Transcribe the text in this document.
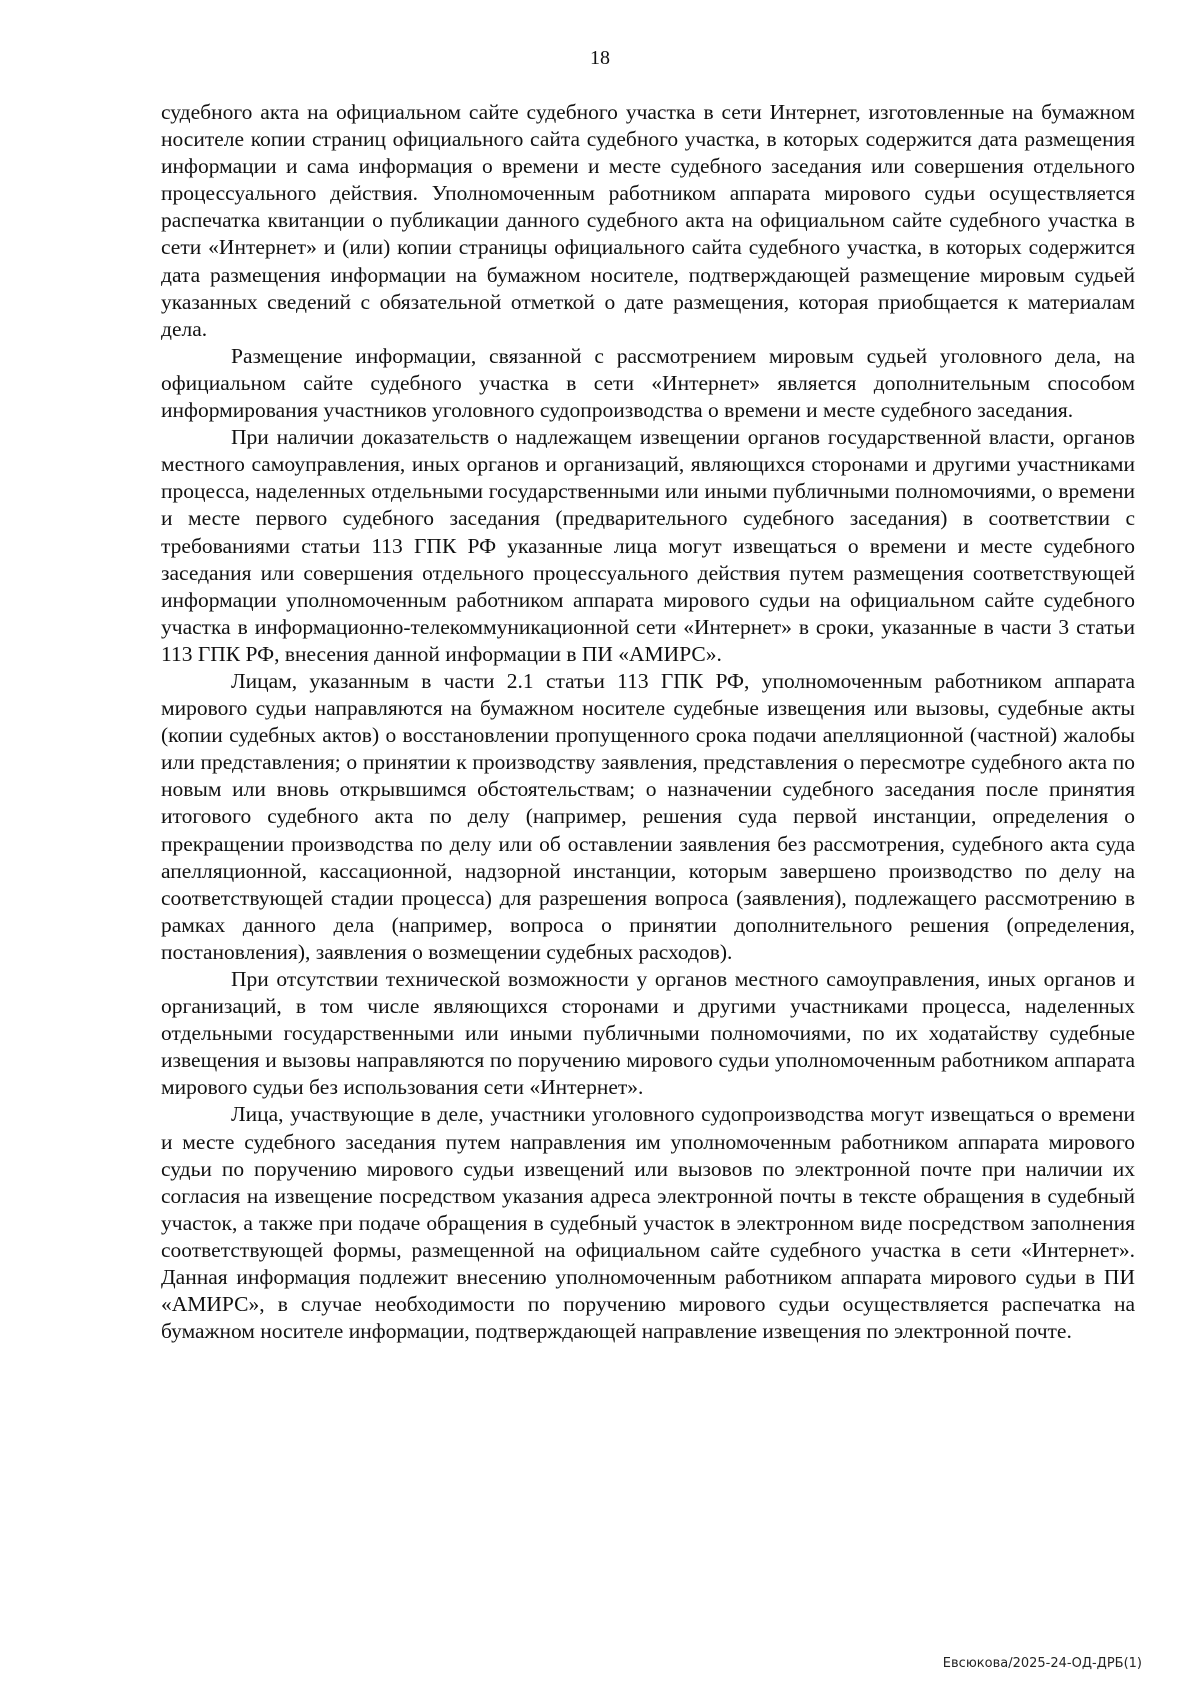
18

судебного акта на официальном сайте судебного участка в сети Интернет, изготовленные на бумажном носителе копии страниц официального сайта судебного участка, в которых содержится дата размещения информации и сама информация о времени и месте судебного заседания или совершения отдельного процессуального действия. Уполномоченным работником аппарата мирового судьи осуществляется распечатка квитанции о публикации данного судебного акта на официальном сайте судебного участка в сети «Интернет» и (или) копии страницы официального сайта судебного участка, в которых содержится дата размещения информации на бумажном носителе, подтверждающей размещение мировым судьей указанных сведений с обязательной отметкой о дате размещения, которая приобщается к материалам дела.

Размещение информации, связанной с рассмотрением мировым судьей уголовного дела, на официальном сайте судебного участка в сети «Интернет» является дополнительным способом информирования участников уголовного судопроизводства о времени и месте судебного заседания.

При наличии доказательств о надлежащем извещении органов государственной власти, органов местного самоуправления, иных органов и организаций, являющихся сторонами и другими участниками процесса, наделенных отдельными государственными или иными публичными полномочиями, о времени и месте первого судебного заседания (предварительного судебного заседания) в соответствии с требованиями статьи 113 ГПК РФ указанные лица могут извещаться о времени и месте судебного заседания или совершения отдельного процессуального действия путем размещения соответствующей информации уполномоченным работником аппарата мирового судьи на официальном сайте судебного участка в информационно-телекоммуникационной сети «Интернет» в сроки, указанные в части 3 статьи 113 ГПК РФ, внесения данной информации в ПИ «АМИРС».

Лицам, указанным в части 2.1 статьи 113 ГПК РФ, уполномоченным работником аппарата мирового судьи направляются на бумажном носителе судебные извещения или вызовы, судебные акты (копии судебных актов) о восстановлении пропущенного срока подачи апелляционной (частной) жалобы или представления; о принятии к производству заявления, представления о пересмотре судебного акта по новым или вновь открывшимся обстоятельствам; о назначении судебного заседания после принятия итогового судебного акта по делу (например, решения суда первой инстанции, определения о прекращении производства по делу или об оставлении заявления без рассмотрения, судебного акта суда апелляционной, кассационной, надзорной инстанции, которым завершено производство по делу на соответствующей стадии процесса) для разрешения вопроса (заявления), подлежащего рассмотрению в рамках данного дела (например, вопроса о принятии дополнительного решения (определения, постановления), заявления о возмещении судебных расходов).

При отсутствии технической возможности у органов местного самоуправления, иных органов и организаций, в том числе являющихся сторонами и другими участниками процесса, наделенных отдельными государственными или иными публичными полномочиями, по их ходатайству судебные извещения и вызовы направляются по поручению мирового судьи уполномоченным работником аппарата мирового судьи без использования сети «Интернет».

Лица, участвующие в деле, участники уголовного судопроизводства могут извещаться о времени и месте судебного заседания путем направления им уполномоченным работником аппарата мирового судьи по поручению мирового судьи извещений или вызовов по электронной почте при наличии их согласия на извещение посредством указания адреса электронной почты в тексте обращения в судебный участок, а также при подаче обращения в судебный участок в электронном виде посредством заполнения соответствующей формы, размещенной на официальном сайте судебного участка в сети «Интернет». Данная информация подлежит внесению уполномоченным работником аппарата мирового судьи в ПИ «АМИРС», в случае необходимости по поручению мирового судьи осуществляется распечатка на бумажном носителе информации, подтверждающей направление извещения по электронной почте.

Евсюкова/2025-24-ОД-ДРБ(1)
